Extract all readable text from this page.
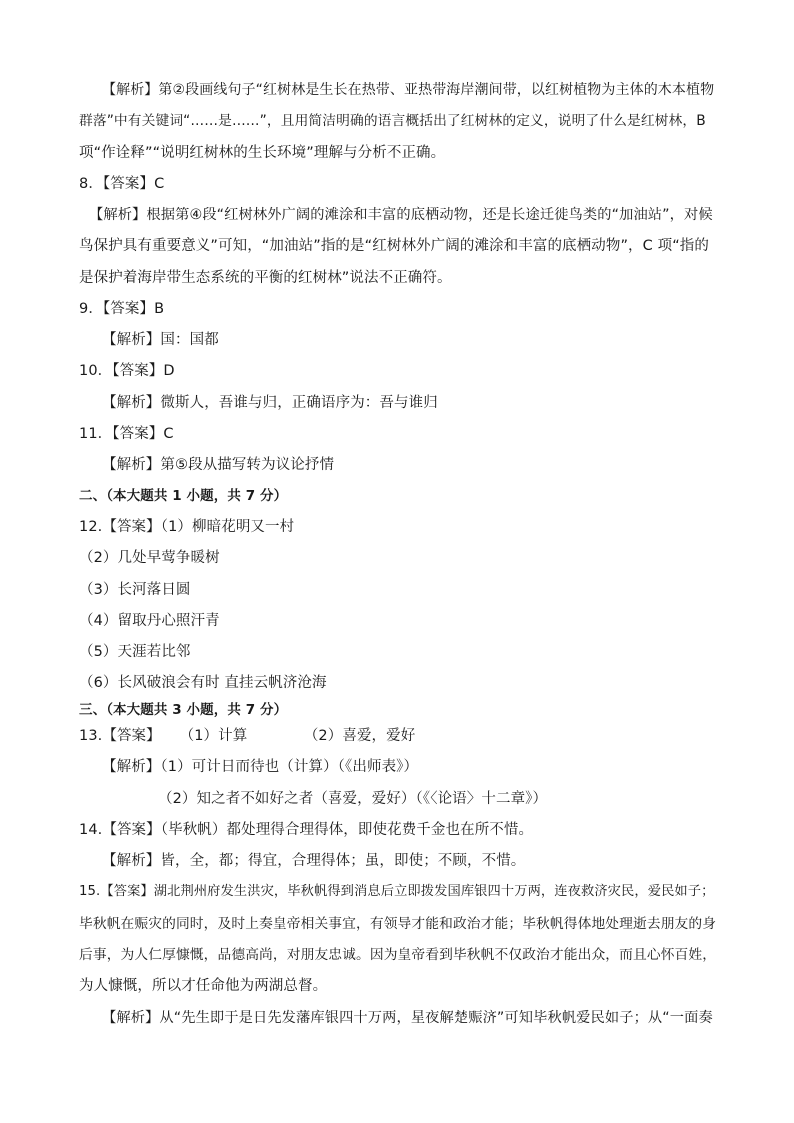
【解析】第②段画线句子“红树林是生长在热带、亚热带海岸潮间带，以红树植物为主体的木本植物
群落”中有关键词“……是……”，且用简洁明确的语言概括出了红树林的定义，说明了什么是红树林，B
项“作诠释”“说明红树林的生长环境”理解与分析不正确。
8．【答案】C
【解析】根据第④段“红树林外广阔的滩涂和丰富的底栖动物，还是长途迁徙鸟类的“加油站”，对候
鸟保护具有重要意义”可知，“加油站”指的是“红树林外广阔的滩涂和丰富的底栖动物”，C 项“指的
是保护着海岸带生态系统的平衡的红树林”说法不正确符。
9．【答案】B
【解析】国：国都
10．【答案】D
【解析】微斯人，吾谁与归，正确语序为：吾与谁归
11．【答案】C
【解析】第⑤段从描写转为议论抒情
二、（本大题共 1 小题，共 7 分）
12.【答案】（1）柳暗花明又一村
（2）几处早莺争暖树
（3）长河落日圆
（4）留取丹心照汗青
（5）天涯若比邻
（6）长风破浪会有时 直挂云帆济沧海
三、（本大题共 3 小题，共 7 分）
13.【答案】    （1）计算            （2）喜爱，爱好
【解析】（1）可计日而待也（计算）（《出师表》）
（2）知之者不如好之者（喜爱，爱好）（《〈论语〉十二章》）
14.【答案】（毕秋帆）都处理得合理得体，即使花费千金也在所不惜。
【解析】皆，全，都；得宜，合理得体；虽，即使；不顾，不惜。
15.【答案】湖北荆州府发生洪灾，毕秋帆得到消息后立即拨发国库银四十万两，连夜救济灾民，爱民如子；
毕秋帆在赈灾的同时，及时上奏皇帝相关事宜，有领导才能和政治才能；毕秋帆得体地处理逝去朋友的身
后事，为人仁厚慷慨，品德高尚，对朋友忠诚。因为皇帝看到毕秋帆不仅政治才能出众，而且心怀百姓，
为人慷慨，所以才任命他为两湖总督。
【解析】从“先生即于是日先发藩库银四十万两，星夜解楚赈济”可知毕秋帆爱民如子；从“一面奏
